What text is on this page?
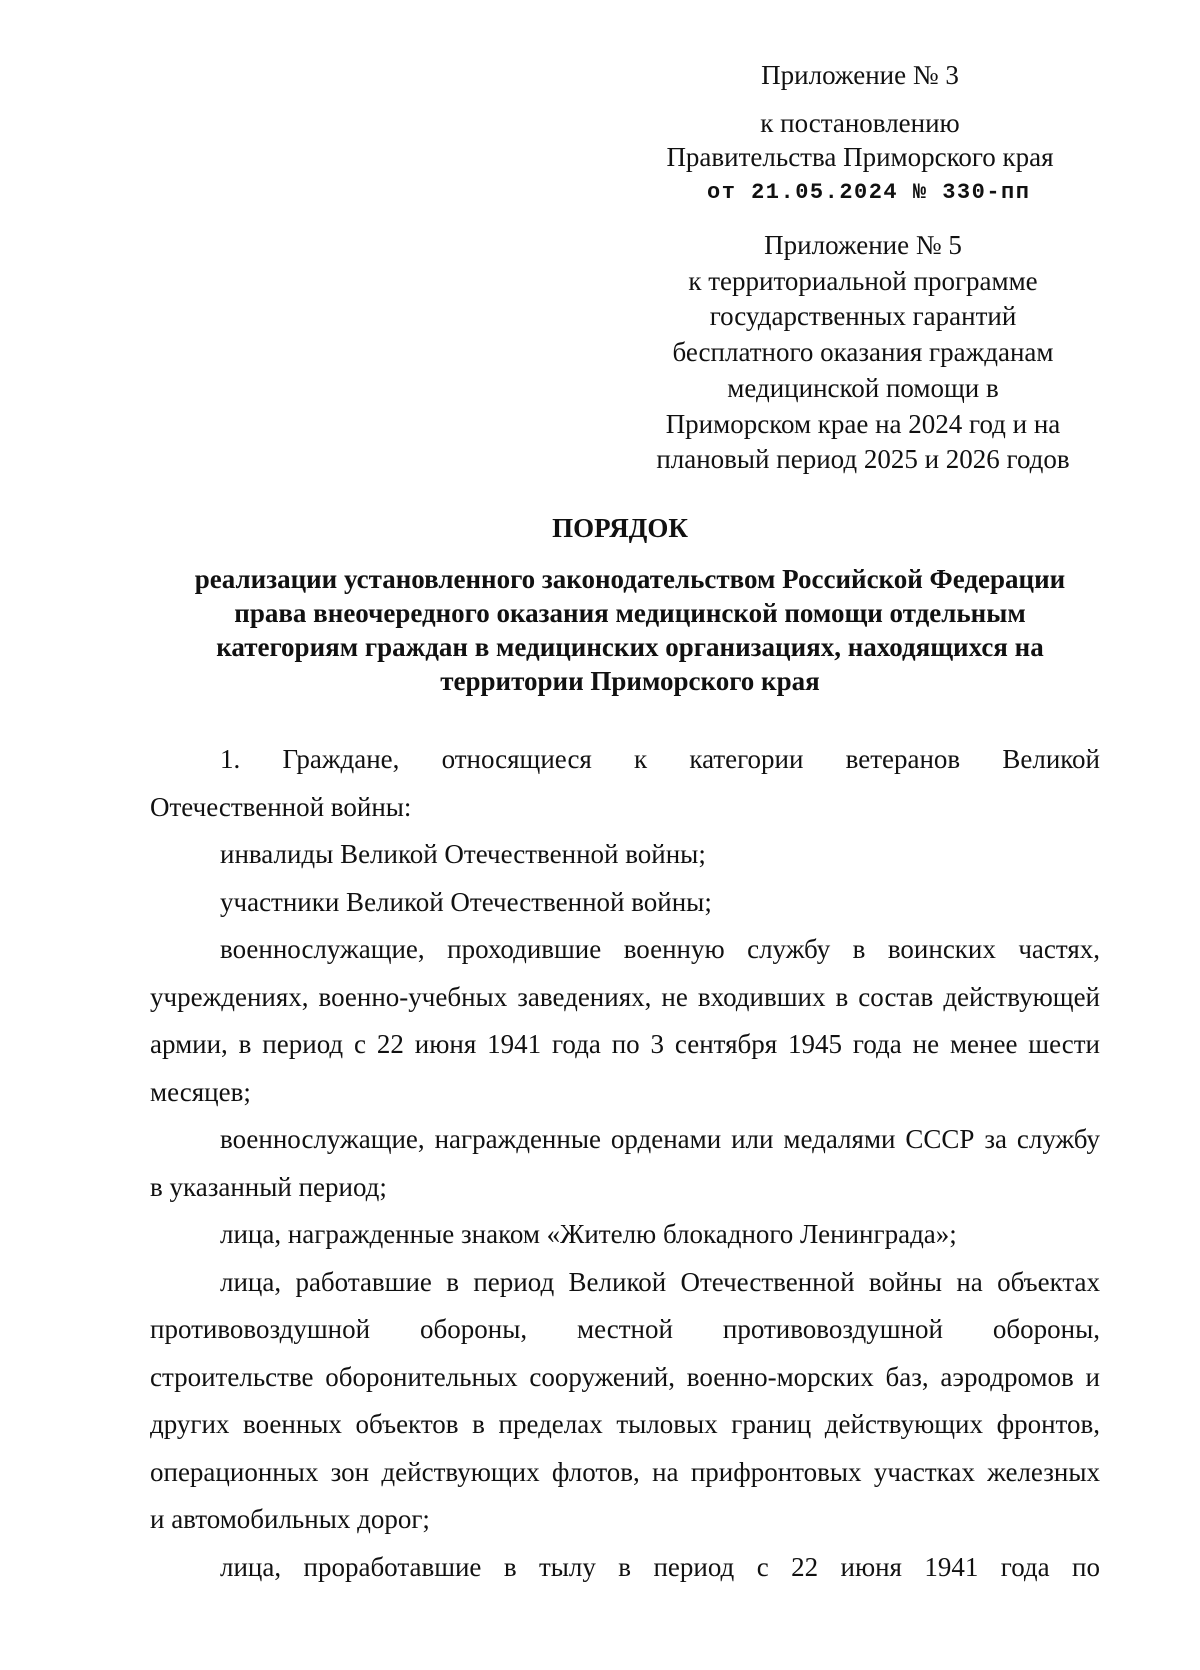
Приложение № 3
к постановлению
Правительства Приморского края
от 21.05.2024 № 330-пп
Приложение № 5
к территориальной программе
государственных гарантий
бесплатного оказания гражданам
медицинской помощи в
Приморском крае на 2024 год и на
плановый период 2025 и 2026 годов
ПОРЯДОК
реализации установленного законодательством Российской Федерации
права внеочередного оказания медицинской помощи отдельным
категориям граждан в медицинских организациях, находящихся на
территории Приморского края
1. Граждане, относящиеся к категории ветеранов Великой
Отечественной войны:
инвалиды Великой Отечественной войны;
участники Великой Отечественной войны;
военнослужащие, проходившие военную службу в воинских частях,
учреждениях, военно-учебных заведениях, не входивших в состав действующей
армии, в период с 22 июня 1941 года по 3 сентября 1945 года не менее шести
месяцев;
военнослужащие, награжденные орденами или медалями СССР за службу
в указанный период;
лица, награжденные знаком «Жителю блокадного Ленинграда»;
лица, работавшие в период Великой Отечественной войны на объектах
противовоздушной обороны, местной противовоздушной обороны,
строительстве оборонительных сооружений, военно-морских баз, аэродромов и
других военных объектов в пределах тыловых границ действующих фронтов,
операционных зон действующих флотов, на прифронтовых участках железных
и автомобильных дорог;
лица, проработавшие в тылу в период с 22 июня 1941 года по
